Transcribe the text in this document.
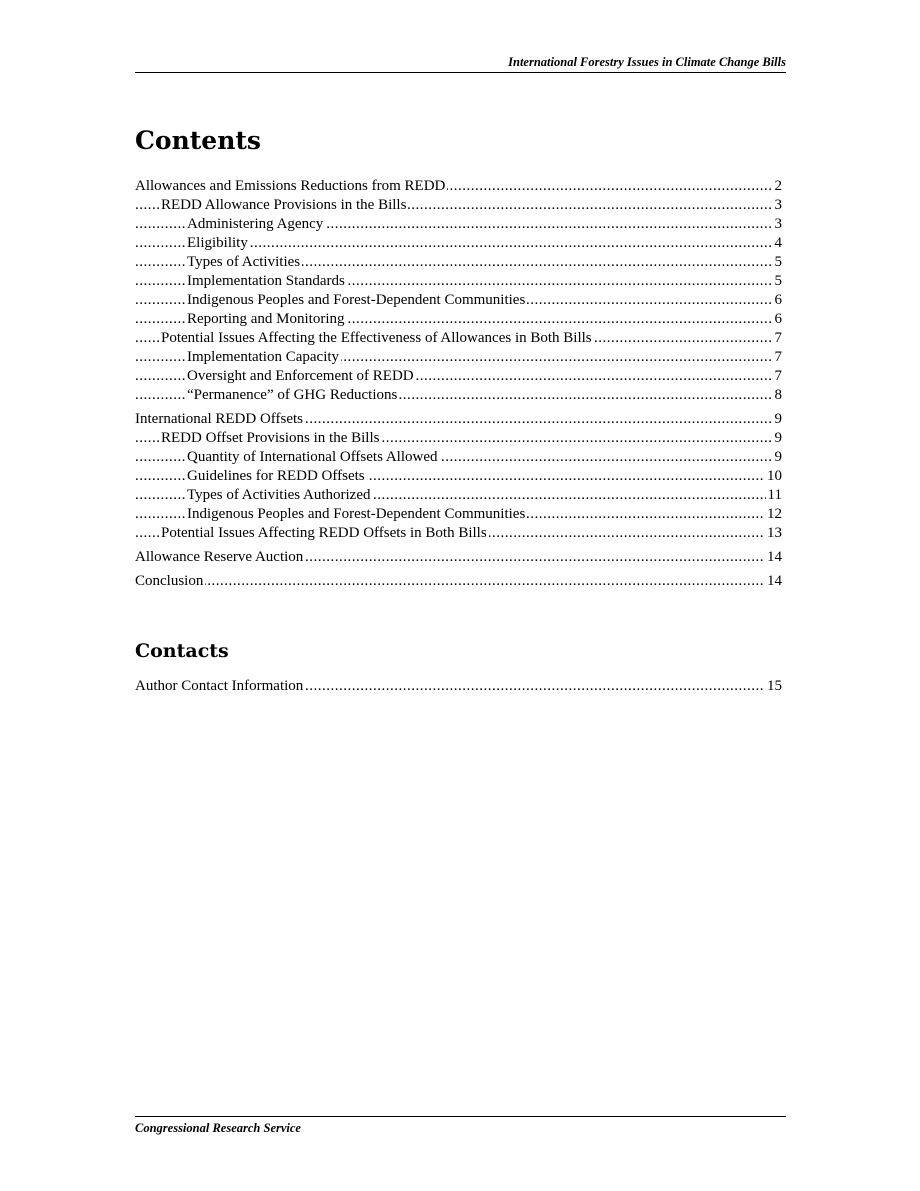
International Forestry Issues in Climate Change Bills
Contents
.....
Allowances and Emissions Reductions from REDD	2
.....
REDD Allowance Provisions in the Bills	3
.....
Administering Agency	3
.....
Eligibility	4
.....
Types of Activities	5
.....
Implementation Standards	5
.....
Indigenous Peoples and Forest-Dependent Communities	6
.....
Reporting and Monitoring	6
.....
Potential Issues Affecting the Effectiveness of Allowances in Both Bills	7
.....
Implementation Capacity	7
.....
Oversight and Enforcement of REDD	7
.....
“Permanence” of GHG Reductions	8
.....
International REDD Offsets	9
.....
REDD Offset Provisions in the Bills	9
.....
Quantity of International Offsets Allowed	9
.....
Guidelines for REDD Offsets	10
.....
Types of Activities Authorized	11
.....
Indigenous Peoples and Forest-Dependent Communities	12
.....
Potential Issues Affecting REDD Offsets in Both Bills	13
.....
Allowance Reserve Auction	14
.....
Conclusion	14
Contacts
.....
Author Contact Information	15
Congressional Research Service
